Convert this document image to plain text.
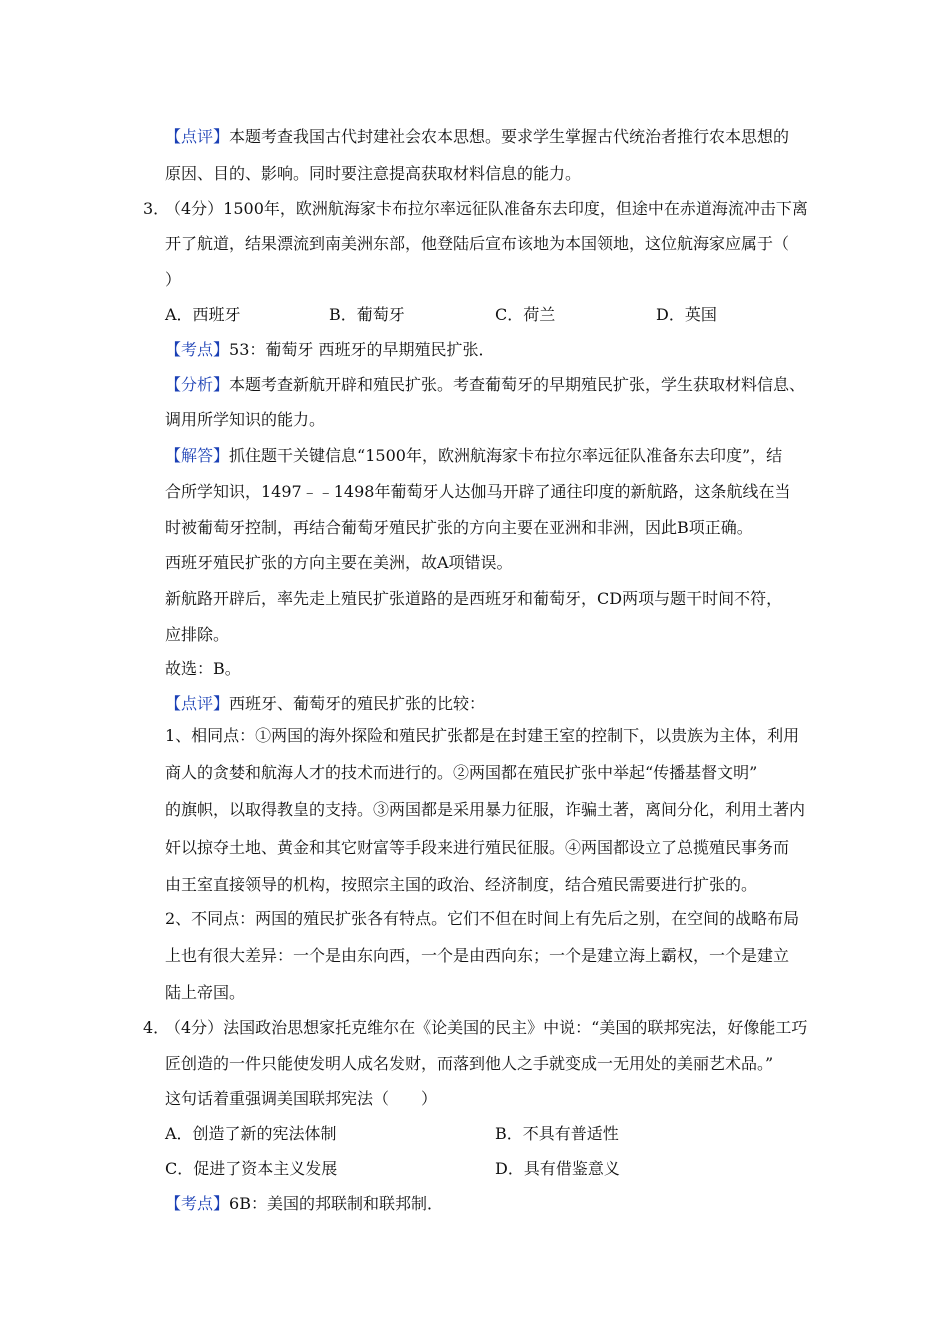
【点评】本题考查我国古代封建社会农本思想。要求学生掌握古代统治者推行农本思想的
原因、目的、影响。同时要注意提高获取材料信息的能力。
3．
（4分）1500年，欧洲航海家卡布拉尔率远征队准备东去印度，但途中在赤道海流冲击下离
开了航道，结果漂流到南美洲东部，他登陆后宣布该地为本国领地，这位航海家应属于（
）
A．西班牙	B．葡萄牙	C．荷兰	D．英国
【考点】53：葡萄牙 西班牙的早期殖民扩张．
【分析】本题考查新航开辟和殖民扩张。考查葡萄牙的早期殖民扩张，学生获取材料信息、
调用所学知识的能力。
【解答】抓住题干关键信息“1500年，欧洲航海家卡布拉尔率远征队准备东去印度”，结
合所学知识，1497﹣﹣1498年葡萄牙人达伽马开辟了通往印度的新航路，这条航线在当
时被葡萄牙控制，再结合葡萄牙殖民扩张的方向主要在亚洲和非洲，因此B项正确。
西班牙殖民扩张的方向主要在美洲，故A项错误。
新航路开辟后，率先走上殖民扩张道路的是西班牙和葡萄牙，CD两项与题干时间不符，
应排除。
故选：B。
【点评】西班牙、葡萄牙的殖民扩张的比较：
1、相同点：①两国的海外探险和殖民扩张都是在封建王室的控制下，以贵族为主体，利用
商人的贪婪和航海人才的技术而进行的。②两国都在殖民扩张中举起“传播基督文明”
的旗帜，以取得教皇的支持。③两国都是采用暴力征服，诈骗土著，离间分化，利用土著内
奸以掠夺土地、黄金和其它财富等手段来进行殖民征服。④两国都设立了总揽殖民事务而
由王室直接领导的机构，按照宗主国的政治、经济制度，结合殖民需要进行扩张的。
2、不同点：两国的殖民扩张各有特点。它们不但在时间上有先后之别，在空间的战略布局
上也有很大差异：一个是由东向西，一个是由西向东；一个是建立海上霸权，一个是建立
陆上帝国。
4．
（4分）法国政治思想家托克维尔在《论美国的民主》中说：“美国的联邦宪法，好像能工巧
匠创造的一件只能使发明人成名发财，而落到他人之手就变成一无用处的美丽艺术品。”
这句话着重强调美国联邦宪法（　　）
A．创造了新的宪法体制	B．不具有普适性
C．促进了资本主义发展	D．具有借鉴意义
【考点】6B：美国的邦联制和联邦制．
